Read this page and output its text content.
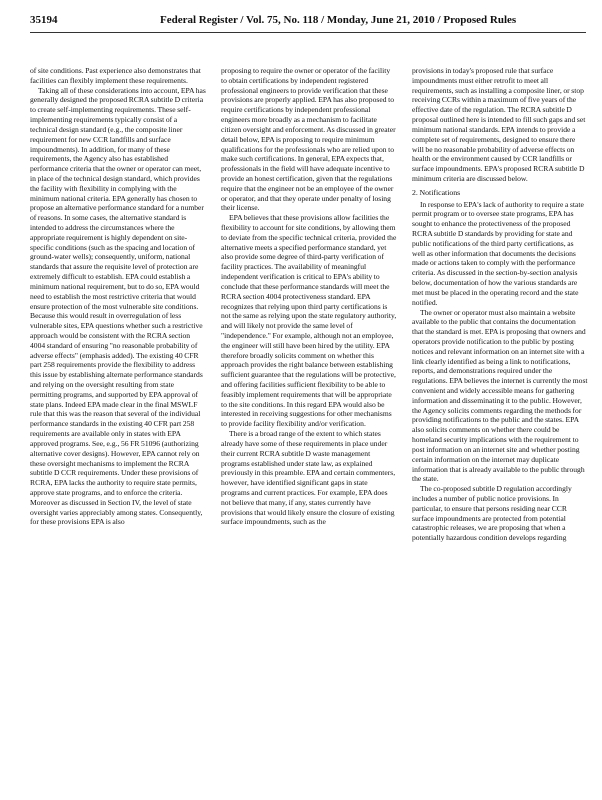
35194	Federal Register / Vol. 75, No. 118 / Monday, June 21, 2010 / Proposed Rules

of site conditions. Past experience also demonstrates that facilities can flexibly implement these requirements.

Taking all of these considerations into account, EPA has generally designed the proposed RCRA subtitle D criteria to create self-implementing requirements. These self-implementing requirements typically consist of a technical design standard (e.g., the composite liner requirement for new CCR landfills and surface impoundments). In addition, for many of these requirements, the Agency also has established performance criteria that the owner or operator can meet, in place of the technical design standard, which provides the facility with flexibility in complying with the minimum national criteria. EPA generally has chosen to propose an alternative performance standard for a number of reasons. In some cases, the alternative standard is intended to address the circumstances where the appropriate requirement is highly dependent on site-specific conditions (such as the spacing and location of ground-water wells); consequently, uniform, national standards that assure the requisite level of protection are extremely difficult to establish. EPA could establish a minimum national requirement, but to do so, EPA would need to establish the most restrictive criteria that would ensure protection of the most vulnerable site conditions. Because this would result in overregulation of less vulnerable sites, EPA questions whether such a restrictive approach would be consistent with the RCRA section 4004 standard of ensuring "no reasonable probability of adverse effects" (emphasis added). The existing 40 CFR part 258 requirements provide the flexibility to address this issue by establishing alternate performance standards and relying on the oversight resulting from state permitting programs, and supported by EPA approval of state plans. Indeed EPA made clear in the final MSWLF rule that this was the reason that several of the individual performance standards in the existing 40 CFR part 258 requirements are available only in states with EPA approved programs. See, e.g., 56 FR 51096 (authorizing alternative cover designs). However, EPA cannot rely on these oversight mechanisms to implement the RCRA subtitle D CCR requirements. Under these provisions of RCRA, EPA lacks the authority to require state permits, approve state programs, and to enforce the criteria. Moreover as discussed in Section IV, the level of state oversight varies appreciably among states. Consequently, for these provisions EPA is also

proposing to require the owner or operator of the facility to obtain certifications by independent registered professional engineers to provide verification that these provisions are properly applied. EPA has also proposed to require certifications by independent professional engineers more broadly as a mechanism to facilitate citizen oversight and enforcement. As discussed in greater detail below, EPA is proposing to require minimum qualifications for the professionals who are relied upon to make such certifications. In general, EPA expects that, professionals in the field will have adequate incentive to provide an honest certification, given that the regulations require that the engineer not be an employee of the owner or operator, and that they operate under penalty of losing their license.

EPA believes that these provisions allow facilities the flexibility to account for site conditions, by allowing them to deviate from the specific technical criteria, provided the alternative meets a specified performance standard, yet also provide some degree of third-party verification of facility practices. The availability of meaningful independent verification is critical to EPA's ability to conclude that these performance standards will meet the RCRA section 4004 protectiveness standard. EPA recognizes that relying upon third party certifications is not the same as relying upon the state regulatory authority, and will likely not provide the same level of "independence." For example, although not an employee, the engineer will still have been hired by the utility. EPA therefore broadly solicits comment on whether this approach provides the right balance between establishing sufficient guarantee that the regulations will be protective, and offering facilities sufficient flexibility to be able to feasibly implement requirements that will be appropriate to the site conditions. In this regard EPA would also be interested in receiving suggestions for other mechanisms to provide facility flexibility and/or verification.

There is a broad range of the extent to which states already have some of these requirements in place under their current RCRA subtitle D waste management programs established under state law, as explained previously in this preamble. EPA and certain commenters, however, have identified significant gaps in state programs and current practices. For example, EPA does not believe that many, if any, states currently have provisions that would likely ensure the closure of existing surface impoundments, such as the

provisions in today's proposed rule that surface impoundments must either retrofit to meet all requirements, such as installing a composite liner, or stop receiving CCRs within a maximum of five years of the effective date of the regulation. The RCRA subtitle D proposal outlined here is intended to fill such gaps and set minimum national standards. EPA intends to provide a complete set of requirements, designed to ensure there will be no reasonable probability of adverse effects on health or the environment caused by CCR landfills or surface impoundments. EPA's proposed RCRA subtitle D minimum criteria are discussed below.

2. Notifications

In response to EPA's lack of authority to require a state permit program or to oversee state programs, EPA has sought to enhance the protectiveness of the proposed RCRA subtitle D standards by providing for state and public notifications of the third party certifications, as well as other information that documents the decisions made or actions taken to comply with the performance criteria. As discussed in the section-by-section analysis below, documentation of how the various standards are met must be placed in the operating record and the state notified.

The owner or operator must also maintain a website available to the public that contains the documentation that the standard is met. EPA is proposing that owners and operators provide notification to the public by posting notices and relevant information on an internet site with a link clearly identified as being a link to notifications, reports, and demonstrations required under the regulations. EPA believes the internet is currently the most convenient and widely accessible means for gathering information and disseminating it to the public. However, the Agency solicits comments regarding the methods for providing notifications to the public and the states. EPA also solicits comments on whether there could be homeland security implications with the requirement to post information on an internet site and whether posting certain information on the internet may duplicate information that is already available to the public through the state.

The co-proposed subtitle D regulation accordingly includes a number of public notice provisions. In particular, to ensure that persons residing near CCR surface impoundments are protected from potential catastrophic releases, we are proposing that when a potentially hazardous condition develops regarding
